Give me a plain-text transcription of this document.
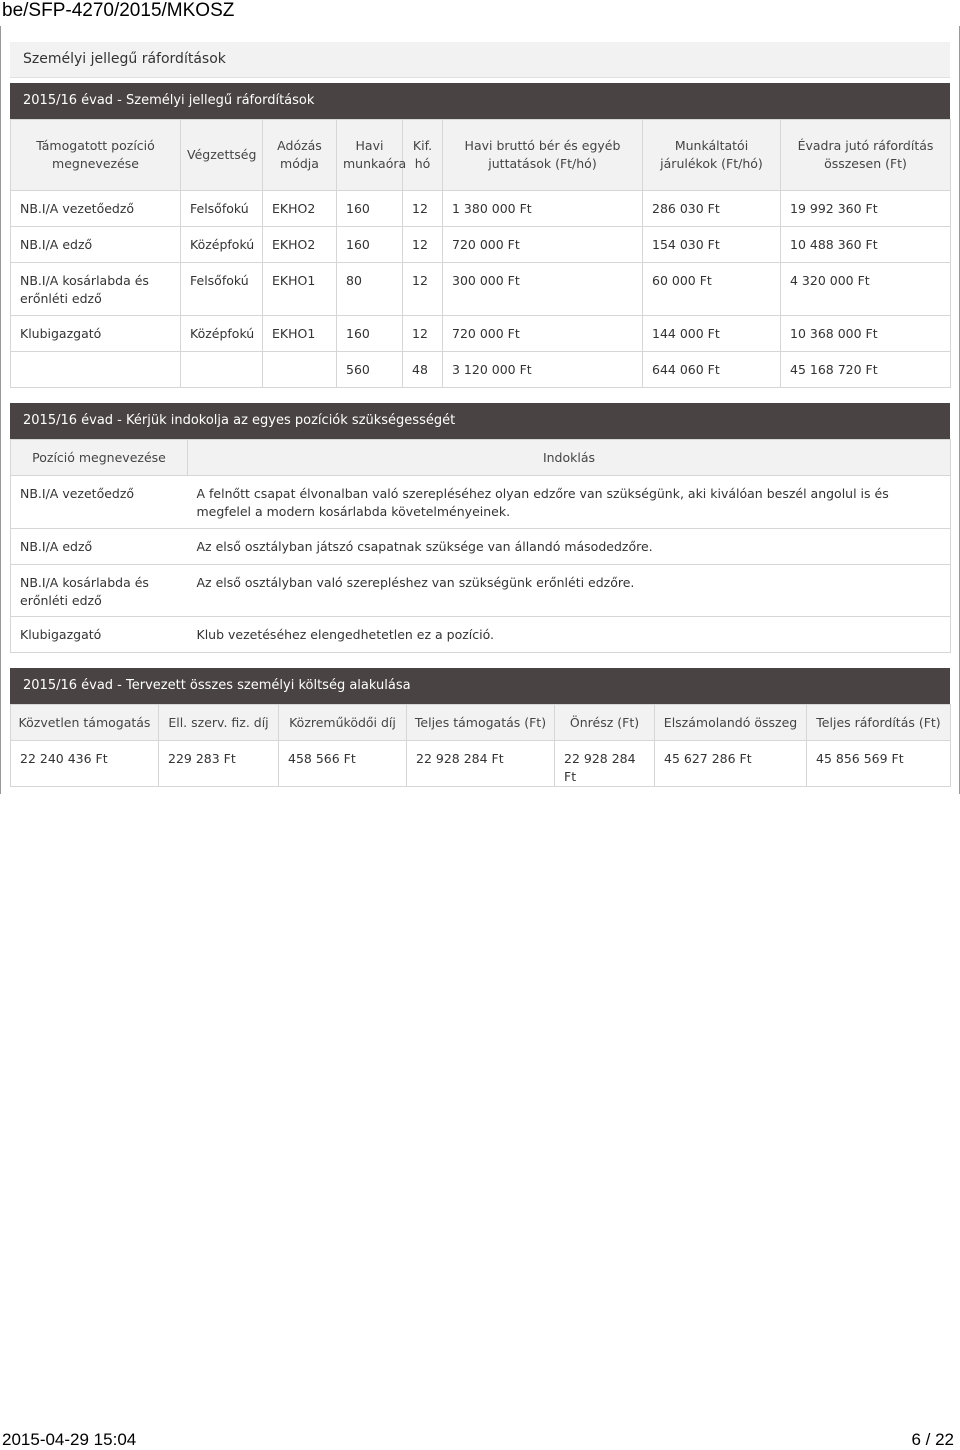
be/SFP-4270/2015/MKOSZ
Személyi jellegű ráfordítások
2015/16 évad - Személyi jellegű ráfordítások
Támogatott pozíció megnevezése	Végzettség	Adózás módja	Havi munkaóra	Kif. hó	Havi bruttó bér és egyéb juttatások (Ft/hó)	Munkáltatói járulékok (Ft/hó)	Évadra jutó ráfordítás összesen (Ft)
NB.I/A vezetőedző	Felsőfokú	EKHO2	160	12	1 380 000 Ft	286 030 Ft	19 992 360 Ft
NB.I/A edző	Középfokú	EKHO2	160	12	720 000 Ft	154 030 Ft	10 488 360 Ft
NB.I/A kosárlabda és erőnléti edző	Felsőfokú	EKHO1	80	12	300 000 Ft	60 000 Ft	4 320 000 Ft
Klubigazgató	Középfokú	EKHO1	160	12	720 000 Ft	144 000 Ft	10 368 000 Ft
			560	48	3 120 000 Ft	644 060 Ft	45 168 720 Ft
2015/16 évad - Kérjük indokolja az egyes pozíciók szükségességét
Pozíció megnevezése	Indoklás
NB.I/A vezetőedző	A felnőtt csapat élvonalban való szerepléséhez olyan edzőre van szükségünk, aki kiválóan beszél angolul is és megfelel a modern kosárlabda követelményeinek.
NB.I/A edző	Az első osztályban játszó csapatnak szüksége van állandó másodedzőre.
NB.I/A kosárlabda és erőnléti edző	Az első osztályban való szerepléshez van szükségünk erőnléti edzőre.
Klubigazgató	Klub vezetéséhez elengedhetetlen ez a pozíció.
2015/16 évad - Tervezett összes személyi költség alakulása
Közvetlen támogatás	Ell. szerv. fiz. díj	Közreműködői díj	Teljes támogatás (Ft)	Önrész (Ft)	Elszámolandó összeg	Teljes ráfordítás (Ft)
22 240 436 Ft	229 283 Ft	458 566 Ft	22 928 284 Ft	22 928 284 Ft	45 627 286 Ft	45 856 569 Ft
2015-04-29 15:04	6 / 22
